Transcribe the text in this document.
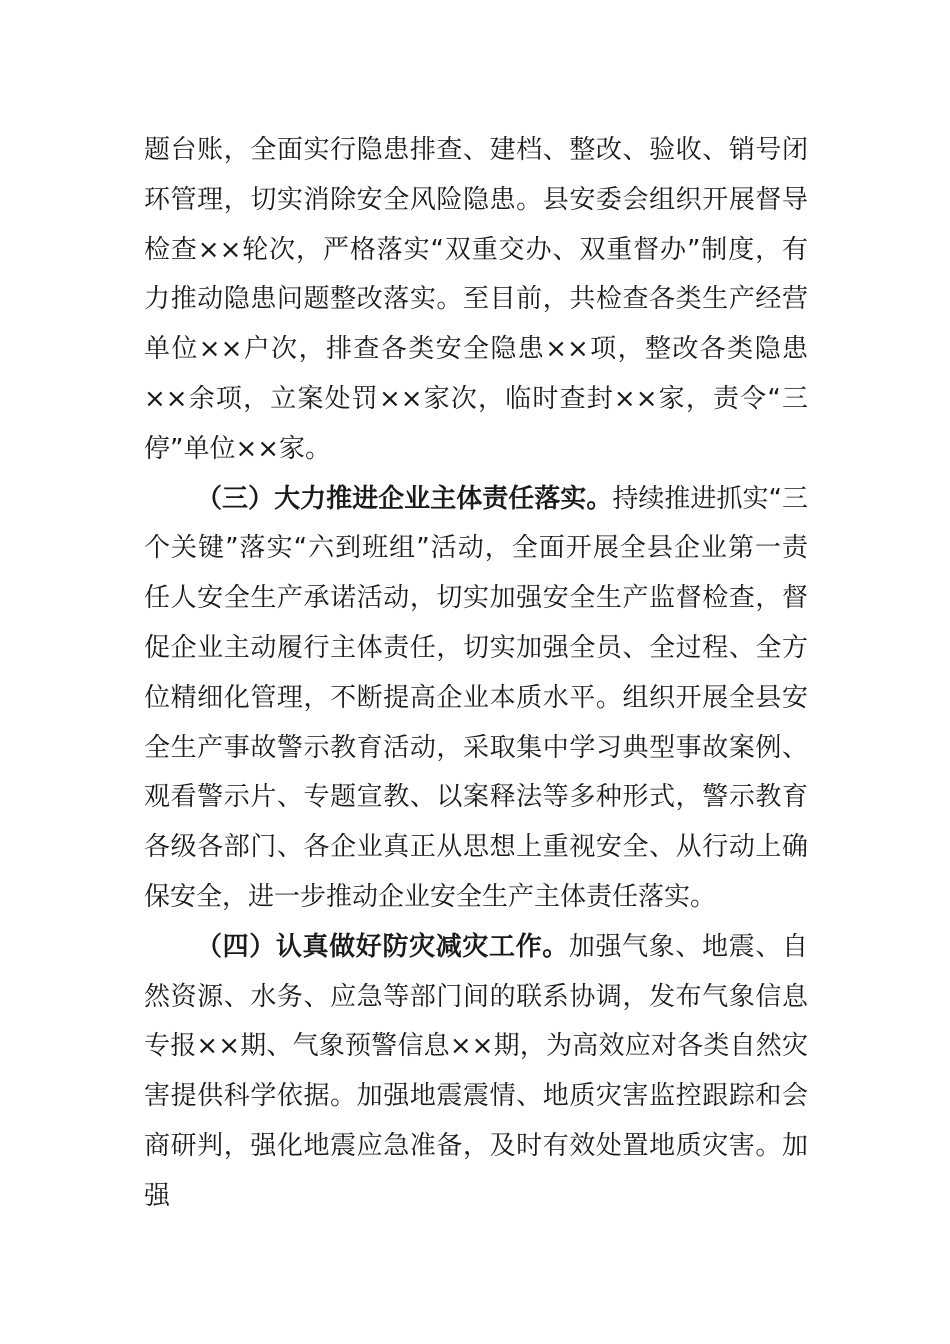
题台账，全面实行隐患排查、建档、整改、验收、销号闭环管理，切实消除安全风险隐患。县安委会组织开展督导检查××轮次，严格落实“双重交办、双重督办”制度，有力推动隐患问题整改落实。至目前，共检查各类生产经营单位××户次，排查各类安全隐患××项，整改各类隐患××余项，立案处罚××家次，临时查封××家，责令“三停”单位××家。

（三）大力推进企业主体责任落实。持续推进抓实“三个关键”落实“六到班组”活动，全面开展全县企业第一责任人安全生产承诺活动，切实加强安全生产监督检查，督促企业主动履行主体责任，切实加强全员、全过程、全方位精细化管理，不断提高企业本质水平。组织开展全县安全生产事故警示教育活动，采取集中学习典型事故案例、观看警示片、专题宣教、以案释法等多种形式，警示教育各级各部门、各企业真正从思想上重视安全、从行动上确保安全，进一步推动企业安全生产主体责任落实。

（四）认真做好防灾减灾工作。加强气象、地震、自然资源、水务、应急等部门间的联系协调，发布气象信息专报××期、气象预警信息××期，为高效应对各类自然灾害提供科学依据。加强地震震情、地质灾害监控跟踪和会商研判，强化地震应急准备，及时有效处置地质灾害。加强
